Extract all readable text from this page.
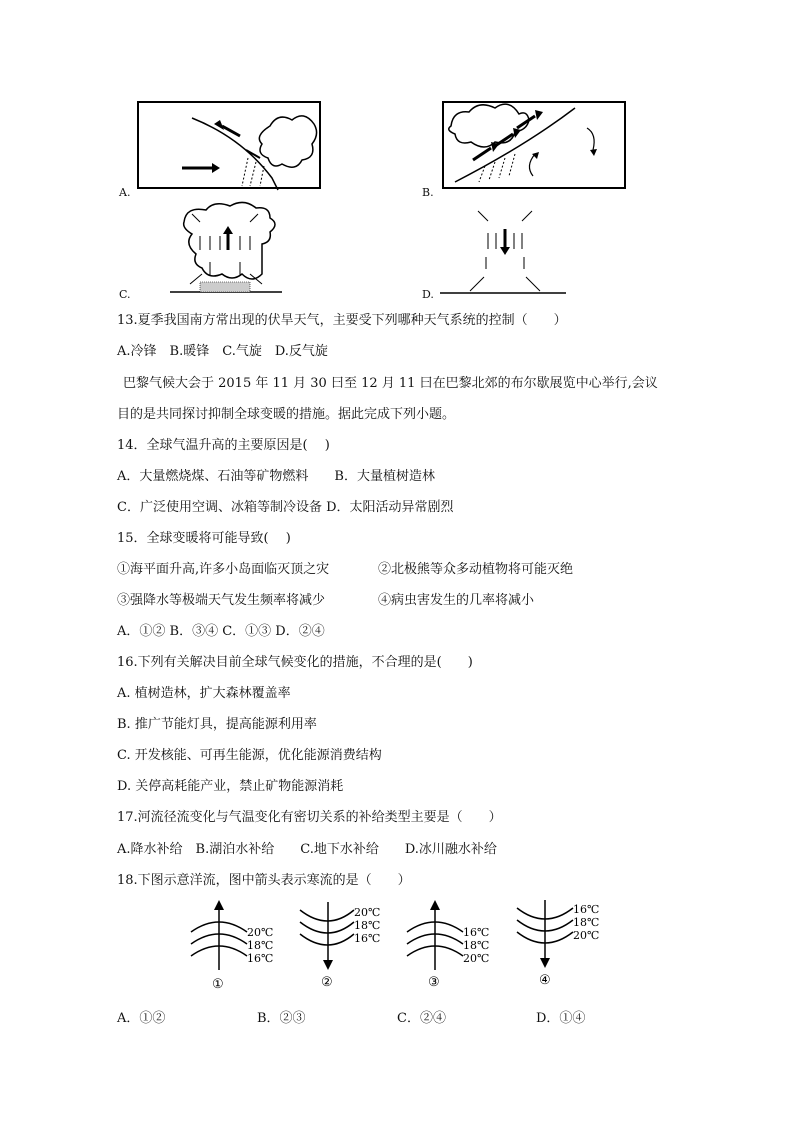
A.	B.
C.	D.
13.夏季我国南方常出现的伏旱天气，主要受下列哪种天气系统的控制（　　）
A.冷锋　B.暖锋　C.气旋　D.反气旋
巴黎气候大会于 2015 年 11 月 30 曰至 12 月 11 曰在巴黎北郊的布尔歇展览中心举行,会议
目的是共同探讨抑制全球变暖的措施。据此完成下列小题。
14．全球气温升高的主要原因是(　 )
A．大量燃烧煤、石油等矿物燃料　　B．大量植树造林
C．广泛使用空调、冰箱等制冷设备 D．太阳活动异常剧烈
15．全球变暖将可能导致(　 )
①海平面升高,许多小岛面临灭顶之灾	②北极熊等众多动植物将可能灭绝
③强降水等极端天气发生频率将减少	④病虫害发生的几率将减小
A．①② B．③④ C．①③ D．②④
16.下列有关解决目前全球气候变化的措施，不合理的是(　　)
A. 植树造林，扩大森林覆盖率
B. 推广节能灯具，提高能源利用率
C. 开发核能、可再生能源，优化能源消费结构
D. 关停高耗能产业，禁止矿物能源消耗
17.河流径流变化与气温变化有密切关系的补给类型主要是（　　）
A.降水补给　B.湖泊水补给　　C.地下水补给　　D.冰川融水补给
18.下图示意洋流，图中箭头表示寒流的是（　　）
20℃
18℃
16℃
①
20℃
18℃
16℃
②
16℃
18℃
20℃
③
16℃
18℃
20℃
④
A．①②	B．②③	C．②④	D．①④
